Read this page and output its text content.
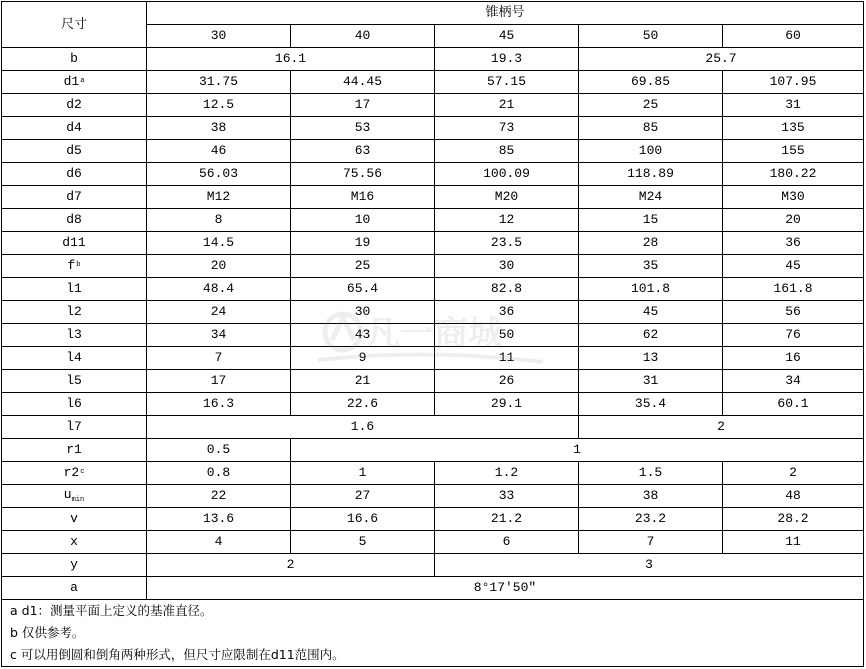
尺寸	锥柄号				
	30	40	45	50	60
b	16.1		19.3	25.7	
d1$^a$	31.75	44.45	57.15	69.85	107.95
d2	12.5	17	21	25	31
d4	38	53	73	85	135
d5	46	63	85	100	155
d6	56.03	75.56	100.09	118.89	180.22
d7	M12	M16	M20	M24	M30
d8	8	10	12	15	20
d11	14.5	19	23.5	28	36
$f^b$	20	25	30	35	45
l1	48.4	65.4	82.8	101.8	161.8
l2	24	30	36	45	56
l3	34	43	50	62	76
l4	7	9	11	13	16
l5	17	21	26	31	34
l6	16.3	22.6	29.1	35.4	60.1
l7	1.6			2	
r1	0.5	1			
r2$^c$	0.8	1	1.2	1.5	2
$u_{min}$	22	27	33	38	48
v	13.6	16.6	21.2	23.2	28.2
x	4	5	6	7	11
y	2		3		
a	8°17′50″				
a d1：测量平面上定义的基准直径。					
b 仅供参考。					
c 可以用倒圆和倒角两种形式，但尺寸应限制在d11范围内。					
凡一商城
